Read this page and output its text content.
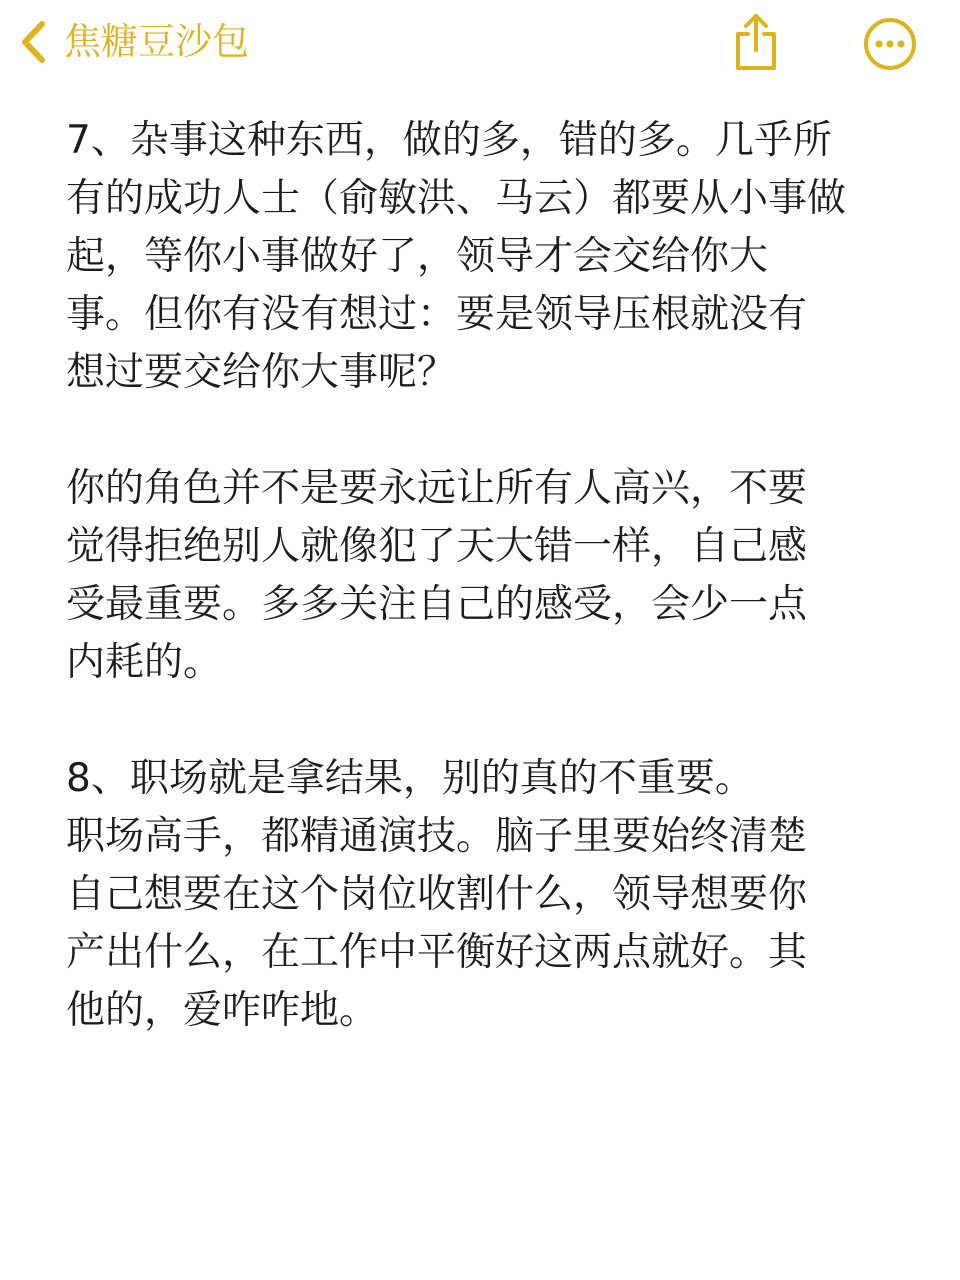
焦糖豆沙包
7、杂事这种东西，做的多，错的多。几乎所
有的成功人士（俞敏洪、马云）都要从小事做
起，等你小事做好了，领导才会交给你大
事。但你有没有想过：要是领导压根就没有
想过要交给你大事呢？
你的角色并不是要永远让所有人高兴，不要
觉得拒绝别人就像犯了天大错一样，自己感
受最重要。多多关注自己的感受，会少一点
内耗的。
8、职场就是拿结果，别的真的不重要。
职场高手，都精通演技。脑子里要始终清楚
自己想要在这个岗位收割什么，领导想要你
产出什么，在工作中平衡好这两点就好。其
他的，爱咋咋地。
